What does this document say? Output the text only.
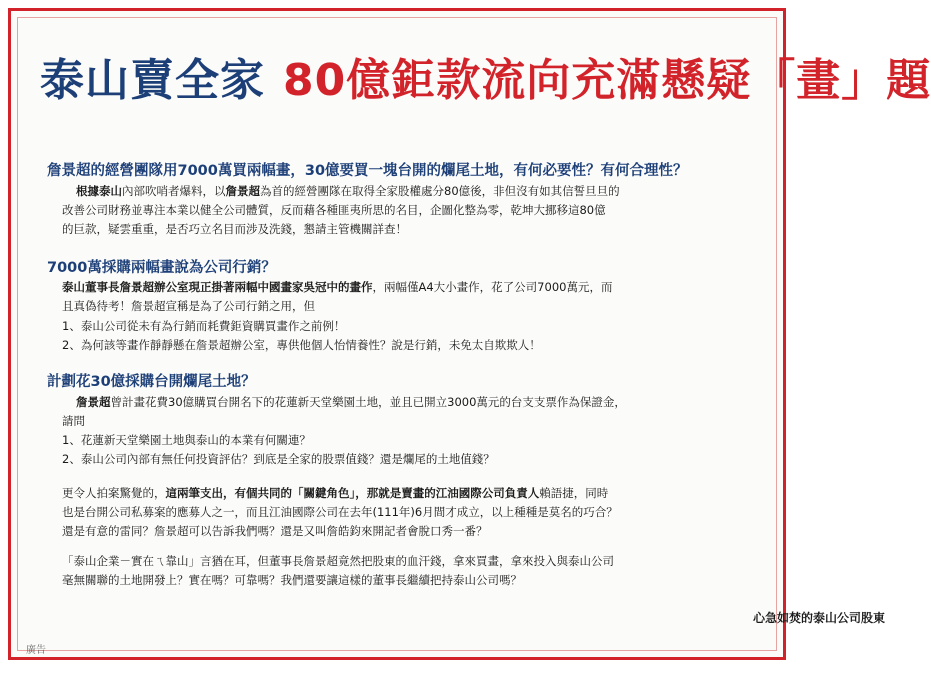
泰山賣全家 80億鉅款流向充滿懸疑「畫」題
詹景超的經營團隊用7000萬買兩幅畫，30億要買一塊台開的爛尾土地，有何必要性？有何合理性？
根據泰山內部吹哨者爆料，以詹景超為首的經營團隊在取得全家股權處分80億後，非但沒有如其信誓旦旦的
改善公司財務並專注本業以健全公司體質，反而藉各種匪夷所思的名目，企圖化整為零，乾坤大挪移這80億
的巨款，疑雲重重，是否巧立名目而涉及洗錢，懇請主管機關詳查！
7000萬採購兩幅畫說為公司行銷？
泰山董事長詹景超辦公室現正掛著兩幅中國畫家吳冠中的畫作，兩幅僅A4大小畫作，花了公司7000萬元，而
且真偽待考！詹景超宣稱是為了公司行銷之用，但
1、泰山公司從未有為行銷而耗費鉅資購買畫作之前例！
2、為何該等畫作靜靜懸在詹景超辦公室，專供他個人怡情養性？說是行銷，未免太自欺欺人！
計劃花30億採購台開爛尾土地？
詹景超曾計畫花費30億購買台開名下的花蓮新天堂樂園土地，並且已開立3000萬元的台支支票作為保證金，
請問
1、花蓮新天堂樂園土地與泰山的本業有何關連？
2、泰山公司內部有無任何投資評估？到底是全家的股票值錢？還是爛尾的土地值錢？
更令人拍案驚覺的，這兩筆支出，有個共同的「關鍵角色」，那就是賣畫的江油國際公司負責人賴語捷，同時
也是台開公司私募案的應募人之一，而且江油國際公司在去年(111年)6月間才成立，以上種種是莫名的巧合？
還是有意的雷同？詹景超可以告訴我們嗎？還是又叫詹皓鈞來開記者會脫口秀一番？
「泰山企業－實在ㄟ靠山」言猶在耳，但董事長詹景超竟然把股東的血汗錢，拿來買畫，拿來投入與泰山公司
毫無關聯的土地開發上？實在嗎？可靠嗎？我們還要讓這樣的董事長繼續把持泰山公司嗎？
心急如焚的泰山公司股東
廣告
